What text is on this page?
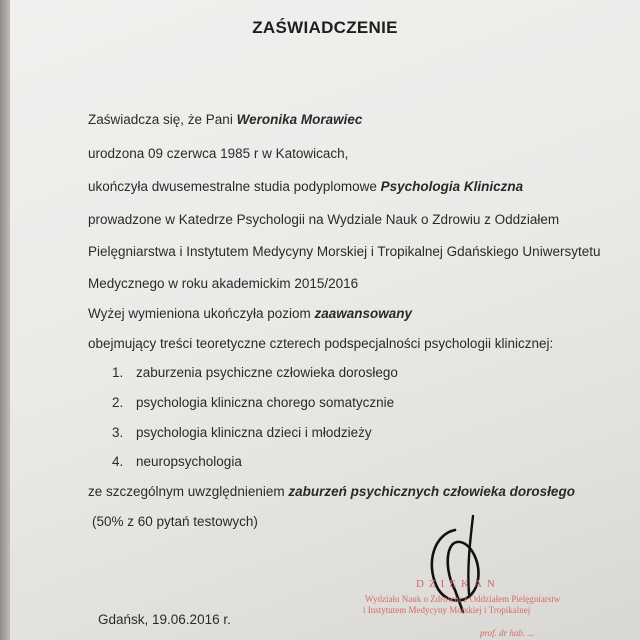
ZAŚWIADCZENIE
Zaświadcza się, że Pani Weronika Morawiec
urodzona 09 czerwca 1985 r w Katowicach,
ukończyła dwusemestralne studia podyplomowe Psychologia Kliniczna
prowadzone w Katedrze Psychologii na Wydziale Nauk o Zdrowiu z Oddziałem
Pielęgniarstwa i Instytutem Medycyny Morskiej i Tropikalnej Gdańskiego Uniwersytetu
Medycznego w roku akademickim 2015/2016
Wyżej wymieniona ukończyła poziom zaawansowany
obejmujący treści teoretyczne czterech podspecjalności psychologii klinicznej:
1. zaburzenia psychiczne człowieka dorosłego
2. psychologia kliniczna chorego somatycznie
3. psychologia kliniczna dzieci i młodzieży
4. neuropsychologia
ze szczególnym uwzględnieniem zaburzeń psychicznych człowieka dorosłego
(50% z 60 pytań testowych)
DZIEKAN
Wydziału Nauk o Zdrowiu z Oddziałem Pielęgniarstw
i Instytutem Medycyny Morskiej i Tropikalnej
prof. dr hab. ...
Gdańsk, 19.06.2016 r.
